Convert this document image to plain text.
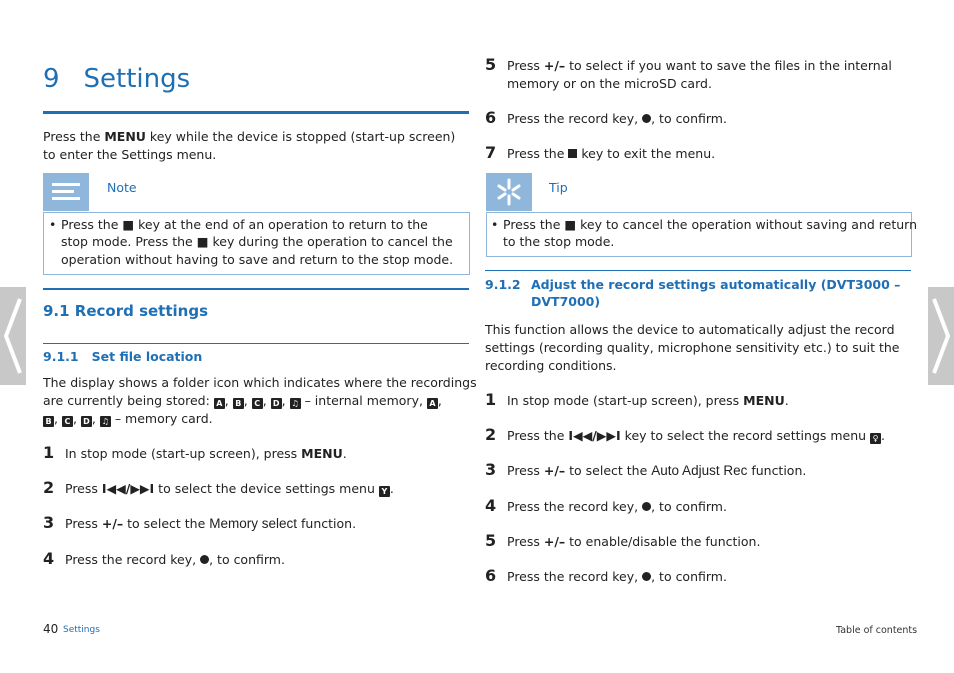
9 Settings
Press the MENU key while the device is stopped (start-up screen) to enter the Settings menu.
Note
• Press the ■ key at the end of an operation to return to the
stop mode. Press the ■ key during the operation to cancel the
operation without having to save and return to the stop mode.
9.1 Record settings
9.1.1   Set file location
The display shows a folder icon which indicates where the recordings
are currently being stored: A , B , C , D , ♫ – internal memory, A ,
B , C , D , ♫ – memory card.
1 In stop mode (start-up screen), press MENU.
2 Press I◀◀/▶▶I to select the device settings menu Y .
3 Press +/– to select the Memory select function.
4 Press the record key, , to confirm.
5 Press +/– to select if you want to save the files in the internal
memory or on the microSD card.
6 Press the record key, , to confirm.
7 Press the  key to exit the menu.
Tip
• Press the ■ key to cancel the operation without saving and return
to the stop mode.
9.1.2 Adjust the record settings automatically (DVT3000 –
DVT7000)
This function allows the device to automatically adjust the record
settings (recording quality, microphone sensitivity etc.) to suit the
recording conditions.
1 In stop mode (start-up screen), press MENU.
2 Press the I◀◀/▶▶I key to select the record settings menu ♀ .
3 Press +/– to select the Auto Adjust Rec function.
4 Press the record key, , to confirm.
5 Press +/– to enable/disable the function.
6 Press the record key, , to confirm.
40 Settings	Table of contents
